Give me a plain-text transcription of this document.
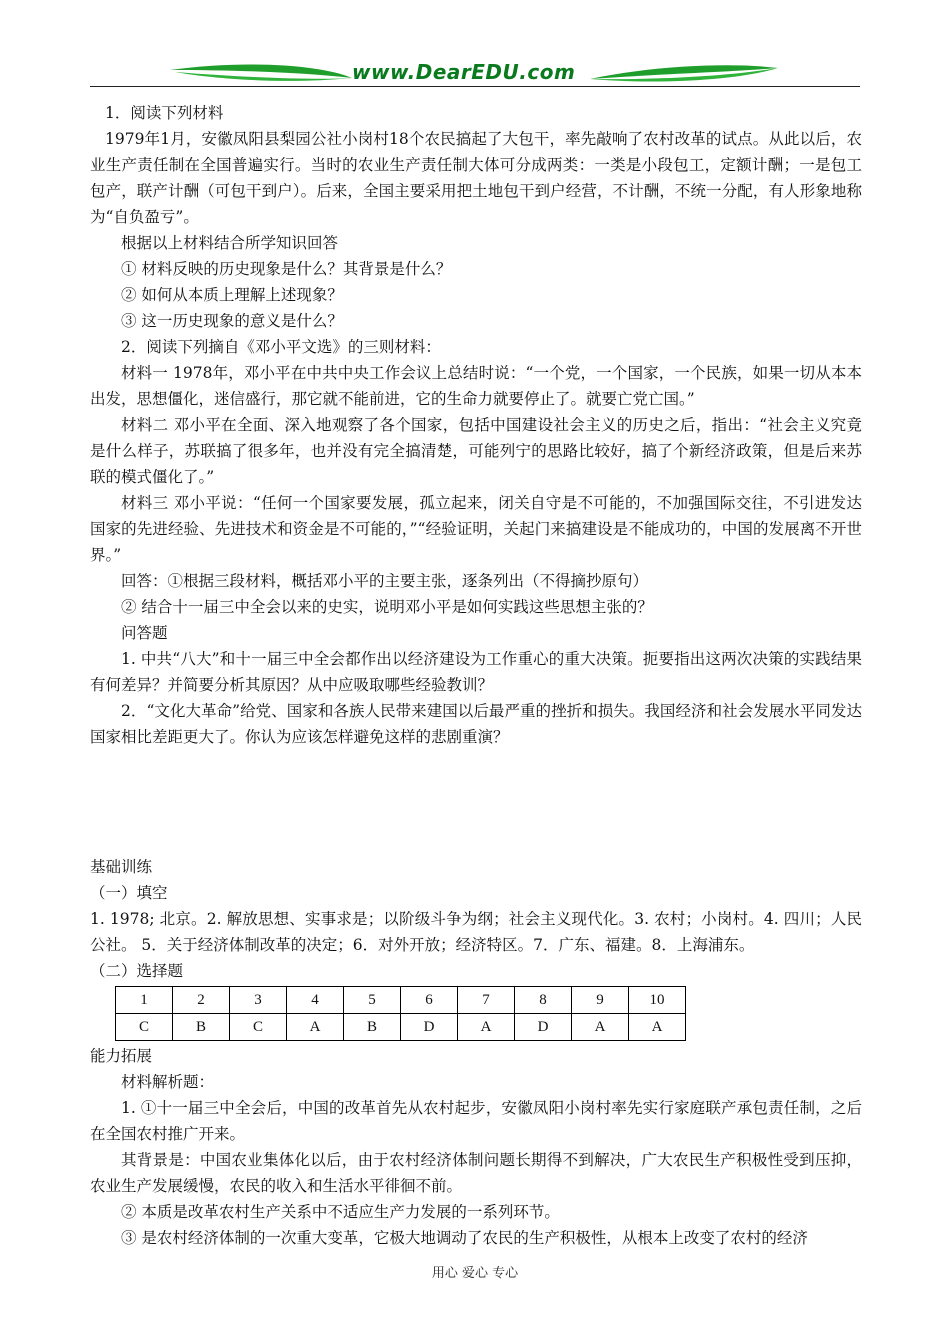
www.DearEDU.com

1．阅读下列材料

1979年1月，安徽凤阳县梨园公社小岗村18个农民搞起了大包干，率先敲响了农村改革的试点。从此以后，农业生产责任制在全国普遍实行。当时的农业生产责任制大体可分成两类：一类是小段包工，定额计酬；一是包工包产，联产计酬（可包干到户）。后来，全国主要采用把土地包干到户经营，不计酬，不统一分配，有人形象地称为“自负盈亏”。

根据以上材料结合所学知识回答

① 材料反映的历史现象是什么？其背景是什么？

② 如何从本质上理解上述现象？

③ 这一历史现象的意义是什么？

2．阅读下列摘自《邓小平文选》的三则材料：

材料一 1978年，邓小平在中共中央工作会议上总结时说：“一个党，一个国家，一个民族，如果一切从本本出发，思想僵化，迷信盛行，那它就不能前进，它的生命力就要停止了。就要亡党亡国。”

材料二 邓小平在全面、深入地观察了各个国家，包括中国建设社会主义的历史之后，指出：“社会主义究竟是什么样子，苏联搞了很多年，也并没有完全搞清楚，可能列宁的思路比较好，搞了个新经济政策，但是后来苏联的模式僵化了。”

材料三 邓小平说：“任何一个国家要发展，孤立起来，闭关自守是不可能的，不加强国际交往，不引进发达国家的先进经验、先进技术和资金是不可能的，”“经验证明，关起门来搞建设是不能成功的，中国的发展离不开世界。”

回答：①根据三段材料，概括邓小平的主要主张，逐条列出（不得摘抄原句）

② 结合十一届三中全会以来的史实，说明邓小平是如何实践这些思想主张的？

问答题

1. 中共“八大”和十一届三中全会都作出以经济建设为工作重心的重大决策。扼要指出这两次决策的实践结果有何差异？并简要分析其原因？从中应吸取哪些经验教训？

2．“文化大革命”给党、国家和各族人民带来建国以后最严重的挫折和损失。我国经济和社会发展水平同发达国家相比差距更大了。你认为应该怎样避免这样的悲剧重演？

基础训练

（一）填空

1. 1978; 北京。2. 解放思想、实事求是；以阶级斗争为纲；社会主义现代化。3. 农村；小岗村。4. 四川；人民公社。 5．关于经济体制改革的决定；6．对外开放；经济特区。7．广东、福建。8．上海浦东。

（二）选择题

1	2	3	4	5	6	7	8	9	10
C	B	C	A	B	D	A	D	A	A

能力拓展

材料解析题：

1. ①十一届三中全会后，中国的改革首先从农村起步，安徽凤阳小岗村率先实行家庭联产承包责任制，之后在全国农村推广开来。

其背景是：中国农业集体化以后，由于农村经济体制问题长期得不到解决，广大农民生产积极性受到压抑，农业生产发展缓慢，农民的收入和生活水平徘徊不前。

② 本质是改革农村生产关系中不适应生产力发展的一系列环节。

③ 是农村经济体制的一次重大变革，它极大地调动了农民的生产积极性，从根本上改变了农村的经济

用心 爱心 专心
